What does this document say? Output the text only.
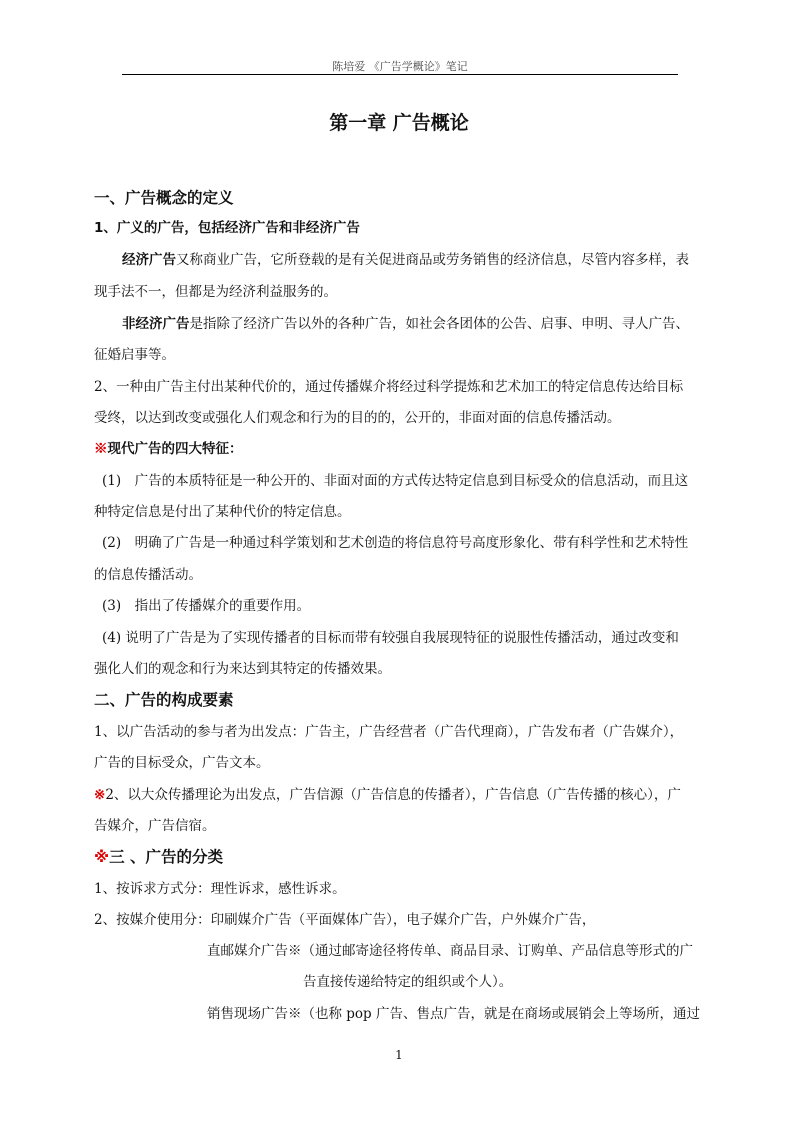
陈培爱 《广告学概论》笔记
第一章 广告概论
一、广告概念的定义
1、广义的广告，包括经济广告和非经济广告
经济广告又称商业广告，它所登载的是有关促进商品或劳务销售的经济信息，尽管内容多样，表
现手法不一，但都是为经济利益服务的。
非经济广告是指除了经济广告以外的各种广告，如社会各团体的公告、启事、申明、寻人广告、
征婚启事等。
2、一种由广告主付出某种代价的，通过传播媒介将经过科学提炼和艺术加工的特定信息传达给目标
受终，以达到改变或强化人们观念和行为的目的的，公开的，非面对面的信息传播活动。
※现代广告的四大特征：
(1)　广告的本质特征是一种公开的、非面对面的方式传达特定信息到目标受众的信息活动，而且这
种特定信息是付出了某种代价的特定信息。
(2)　明确了广告是一种通过科学策划和艺术创造的将信息符号高度形象化、带有科学性和艺术特性
的信息传播活动。
(3)　指出了传播媒介的重要作用。
(4) 说明了广告是为了实现传播者的目标而带有较强自我展现特征的说服性传播活动，通过改变和
强化人们的观念和行为来达到其特定的传播效果。
二、广告的构成要素
1、以广告活动的参与者为出发点：广告主，广告经营者（广告代理商），广告发布者（广告媒介），
广告的目标受众，广告文本。
※2、以大众传播理论为出发点，广告信源（广告信息的传播者），广告信息（广告传播的核心），广
告媒介，广告信宿。
※三 、广告的分类
1、按诉求方式分：理性诉求，感性诉求。
2、按媒介使用分：印刷媒介广告（平面媒体广告），电子媒介广告，户外媒介广告，
直邮媒介广告※（通过邮寄途径将传单、商品目录、订购单、产品信息等形式的广
告直接传递给特定的组织或个人）。
销售现场广告※（也称 pop 广告、售点广告，就是在商场或展销会上等场所，通过
1
